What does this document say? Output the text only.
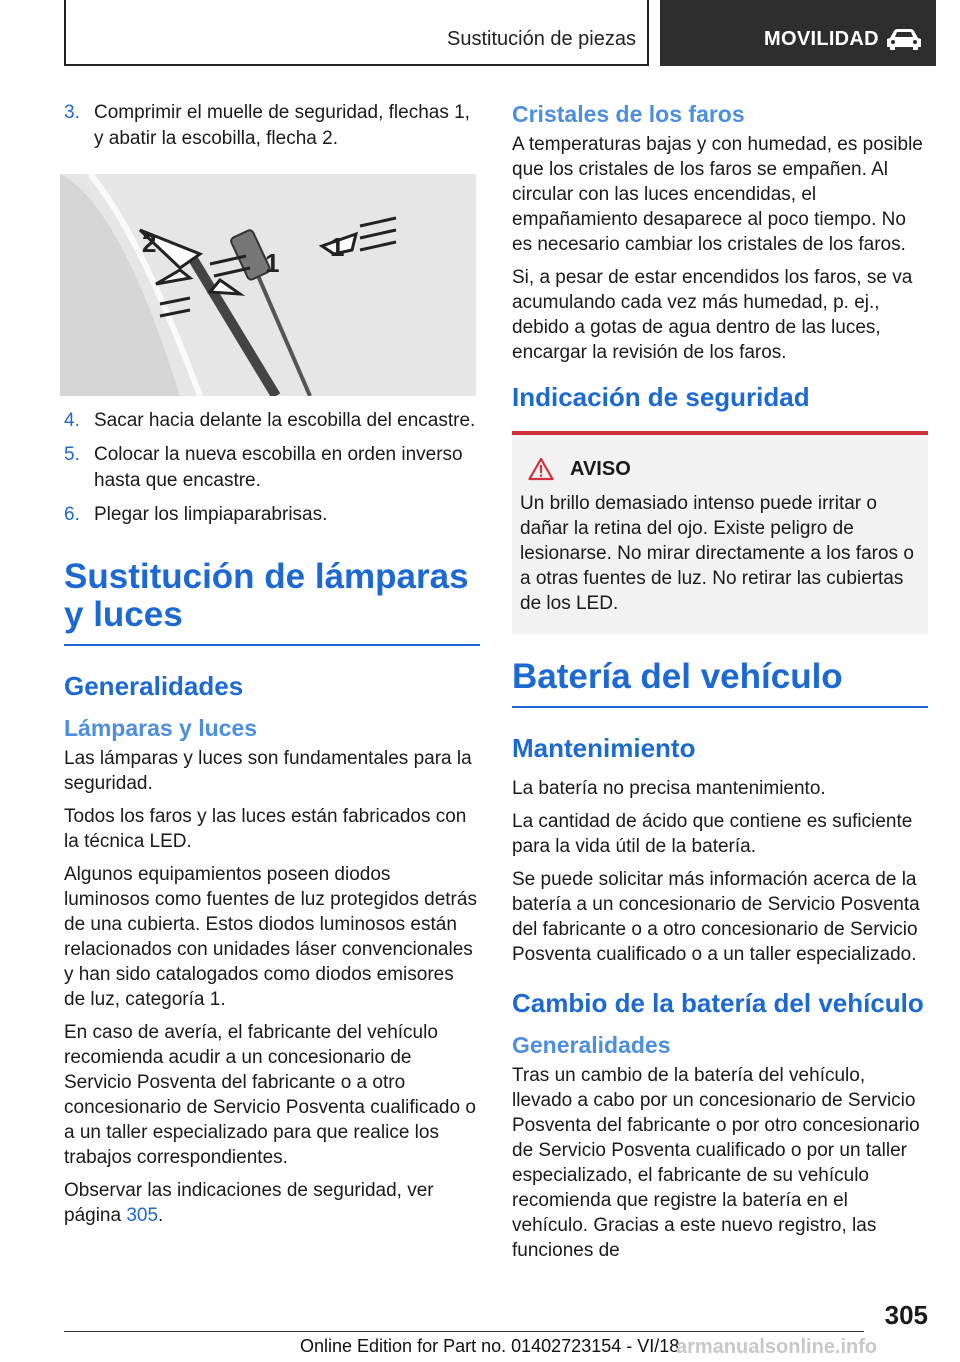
Sustitución de piezas	MOVILIDAD
3. Comprimir el muelle de seguridad, flechas 1, y abatir la escobilla, flecha 2.
2
1
1
4. Sacar hacia delante la escobilla del encastre.
5. Colocar la nueva escobilla en orden inverso hasta que encastre.
6. Plegar los limpiaparabrisas.
Sustitución de lámparas y luces
Generalidades
Lámparas y luces

Las lámparas y luces son fundamentales para la seguridad.

Todos los faros y las luces están fabricados con la técnica LED.

Algunos equipamientos poseen diodos luminosos como fuentes de luz protegidos detrás de una cubierta. Estos diodos luminosos están relacionados con unidades láser convencionales y han sido catalogados como diodos emisores de luz, categoría 1.

En caso de avería, el fabricante del vehículo recomienda acudir a un concesionario de Servicio Posventa del fabricante o a otro concesionario de Servicio Posventa cualificado o a un taller especializado para que realice los trabajos correspondientes.

Observar las indicaciones de seguridad, ver página 305.

Cristales de los faros

A temperaturas bajas y con humedad, es posible que los cristales de los faros se empañen. Al circular con las luces encendidas, el empañamiento desaparece al poco tiempo. No es necesario cambiar los cristales de los faros.

Si, a pesar de estar encendidos los faros, se va acumulando cada vez más humedad, p. ej., debido a gotas de agua dentro de las luces, encargar la revisión de los faros.

Indicación de seguridad
AVISO
Un brillo demasiado intenso puede irritar o dañar la retina del ojo. Existe peligro de lesionarse. No mirar directamente a los faros o a otras fuentes de luz. No retirar las cubiertas de los LED.
Batería del vehículo
Mantenimiento

La batería no precisa mantenimiento.

La cantidad de ácido que contiene es suficiente para la vida útil de la batería.

Se puede solicitar más información acerca de la batería a un concesionario de Servicio Posventa del fabricante o a otro concesionario de Servicio Posventa cualificado o a un taller especializado.

Cambio de la batería del vehículo
Generalidades

Tras un cambio de la batería del vehículo, llevado a cabo por un concesionario de Servicio Posventa del fabricante o por otro concesionario de Servicio Posventa cualificado o por un taller especializado, el fabricante de su vehículo recomienda que registre la batería en el vehículo. Gracias a este nuevo registro, las funciones de

305
Online Edition for Part no. 01402723154 - VI/18
armanualsonline.info
